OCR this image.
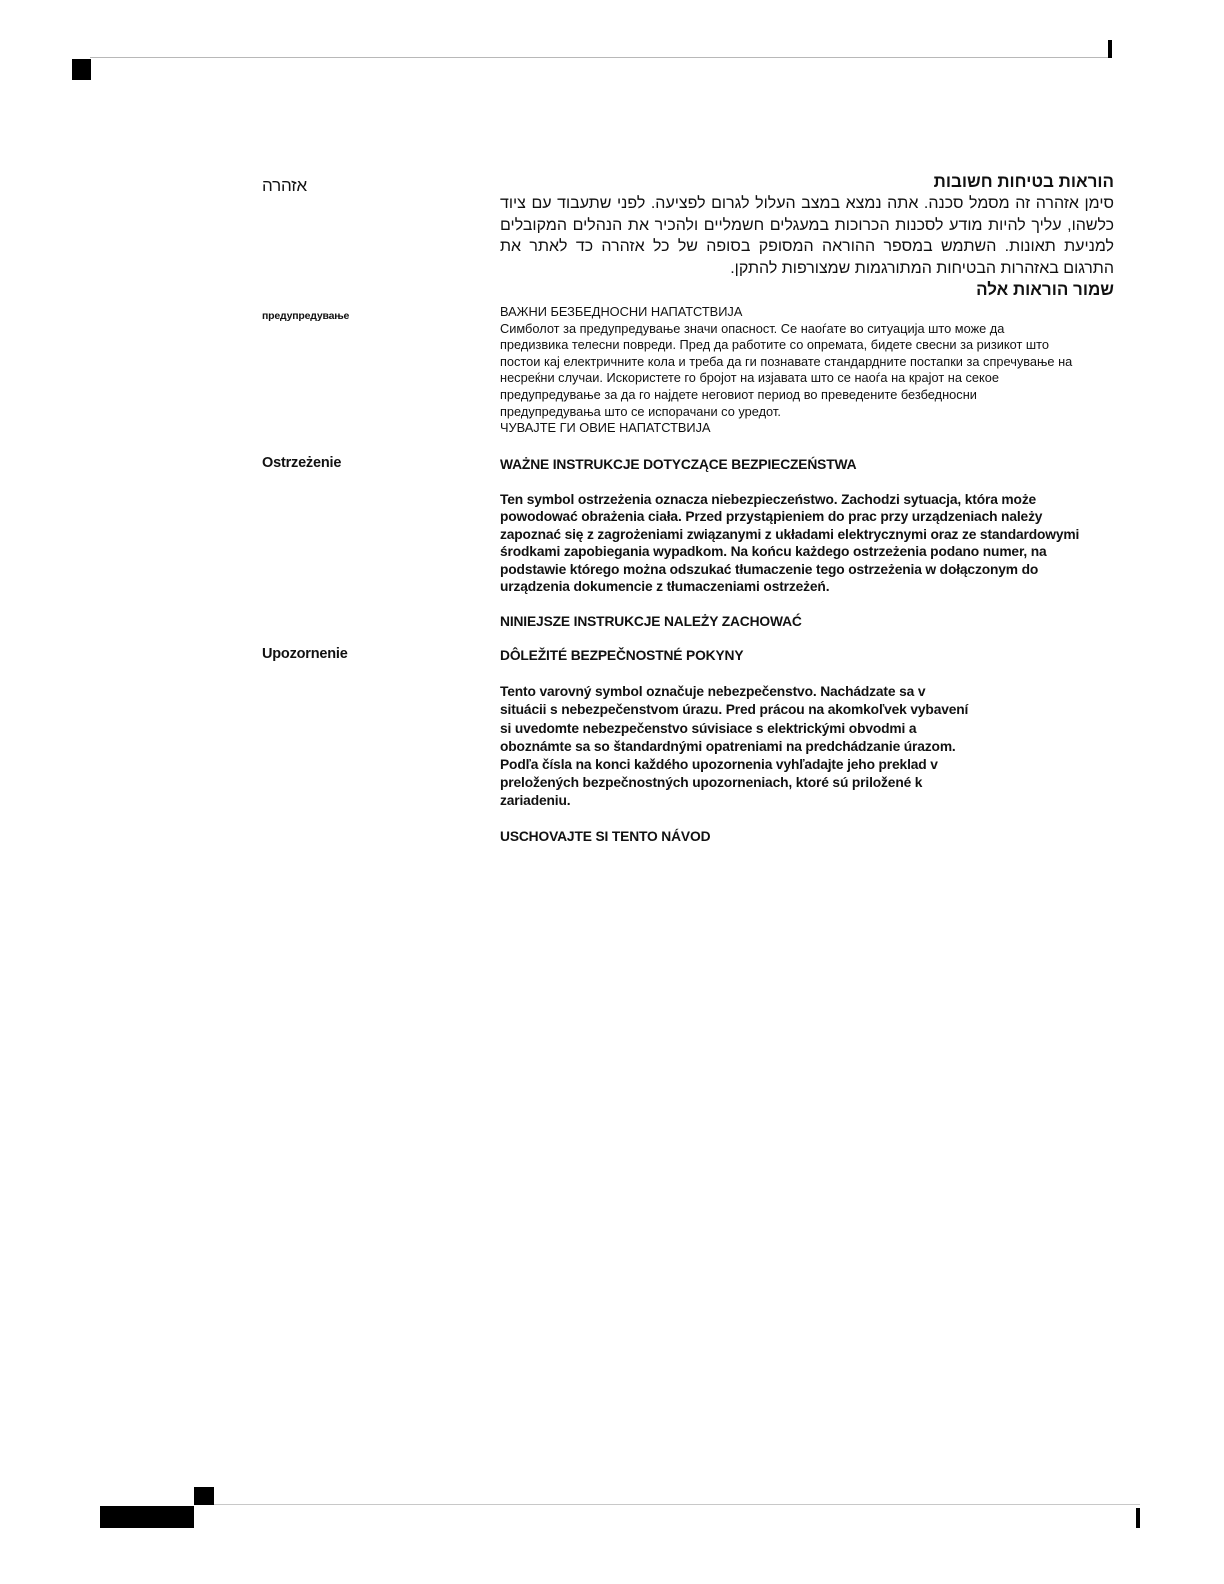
אזהרה	הוראות בטיחות חשובות

סימן אזהרה זה מסמל סכנה. אתה נמצא במצב העלול לגרום לפציעה. לפני שתעבוד עם ציוד כלשהו, עליך להיות מודע לסכנות הכרוכות במעגלים חשמליים ולהכיר את הנהלים המקובלים למניעת תאונות. השתמש במספר ההוראה המסופק בסופה של כל אזהרה כד לאתר את התרגום באזהרות הבטיחות המתורגמות שמצורפות להתקן.

שמור הוראות אלה
предупредување	ВАЖНИ БЕЗБЕДНОСНИ НАПАТСТВИЈА
Симболот за предупредување значи опасност. Се наоѓате во ситуација што може да
предизвика телесни повреди. Пред да работите со опремата, бидете свесни за ризикот што
постои кај електричните кола и треба да ги познавате стандардните постапки за спречување на
несреќни случаи. Искористете го бројот на изјавата што се наоѓа на крајот на секое
предупредување за да го најдете неговиот период во преведените безбедносни
предупредувања што се испорачани со уредот.
ЧУВАЈТЕ ГИ ОВИЕ НАПАТСТВИЈА
Ostrzeżenie	WAŻNE INSTRUKCJE DOTYCZĄCE BEZPIECZEŃSTWA

Ten symbol ostrzeżenia oznacza niebezpieczeństwo. Zachodzi sytuacja, która może

powodować obrażenia ciała. Przed przystąpieniem do prac przy urządzeniach należy

zapoznać się z zagrożeniami związanymi z układami elektrycznymi oraz ze standardowymi

środkami zapobiegania wypadkom. Na końcu każdego ostrzeżenia podano numer, na

podstawie którego można odszukać tłumaczenie tego ostrzeżenia w dołączonym do

urządzenia dokumencie z tłumaczeniami ostrzeżeń.

NINIEJSZE INSTRUKCJE NALEŻY ZACHOWAĆ

Upozornenie	DÔLEŽITÉ BEZPEČNOSTNÉ POKYNY

Tento varovný symbol označuje nebezpečenstvo. Nachádzate sa v

situácii s nebezpečenstvom úrazu. Pred prácou na akomkoľvek vybavení

si uvedomte nebezpečenstvo súvisiace s elektrickými obvodmi a

oboznámte sa so štandardnými opatreniami na predchádzanie úrazom.

Podľa čísla na konci každého upozornenia vyhľadajte jeho preklad v

preložených bezpečnostných upozorneniach, ktoré sú priložené k

zariadeniu.

USCHOVAJTE SI TENTO NÁVOD
